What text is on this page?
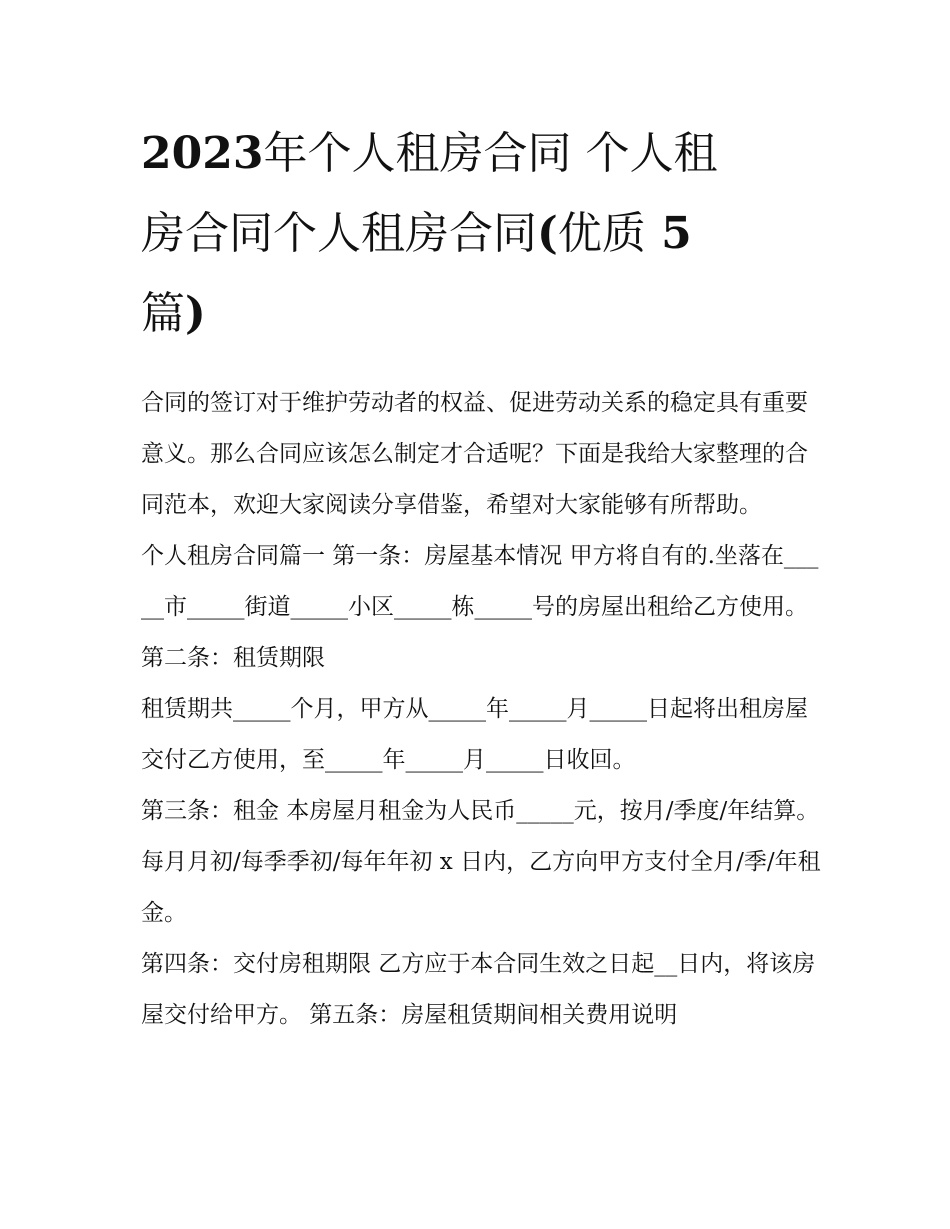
2023年个人租房合同 个人租
房合同个人租房合同(优质 5
篇)

合同的签订对于维护劳动者的权益、促进劳动关系的稳定具有重要意义。那么合同应该怎么制定才合适呢？下面是我给大家整理的合同范本，欢迎大家阅读分享借鉴，希望对大家能够有所帮助。

个人租房合同篇一 第一条：房屋基本情况 甲方将自有的.坐落在_____市_____街道_____小区_____栋_____号的房屋出租给乙方使用。

第二条：租赁期限

租赁期共_____个月，甲方从_____年_____月_____日起将出租房屋交付乙方使用，至_____年_____月_____日收回。

第三条：租金 本房屋月租金为人民币_____元，按月/季度/年结算。每月月初/每季季初/每年年初 x 日内，乙方向甲方支付全月/季/年租金。

第四条：交付房租期限 乙方应于本合同生效之日起__日内，将该房屋交付给甲方。 第五条：房屋租赁期间相关费用说明
